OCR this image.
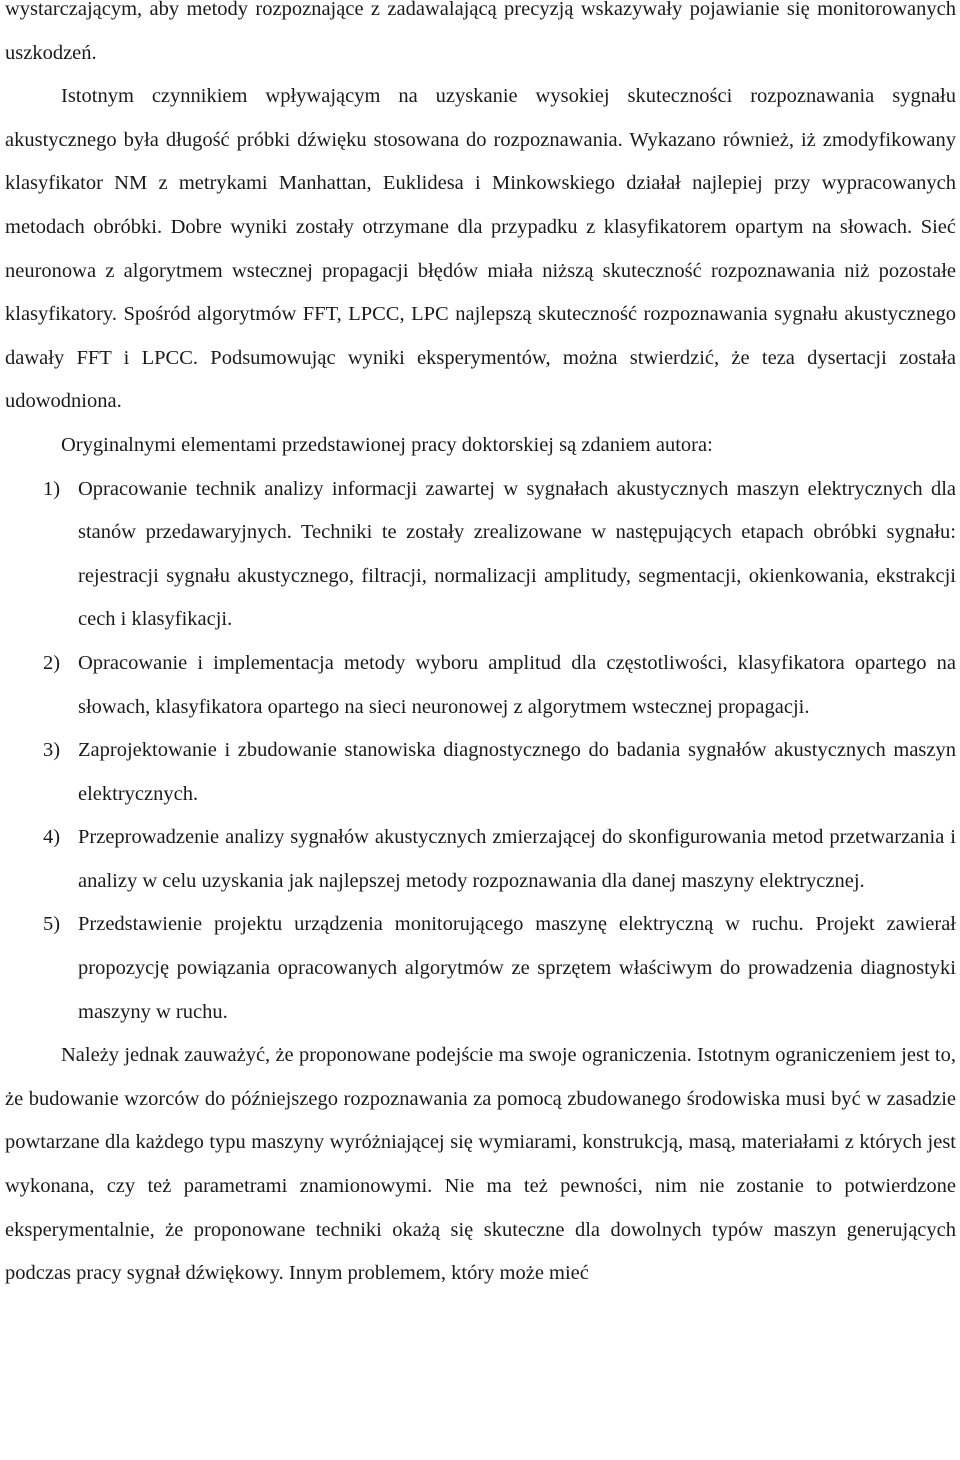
wystarczającym, aby metody rozpoznające z zadawalającą precyzją wskazywały pojawianie się monitorowanych uszkodzeń.

Istotnym czynnikiem wpływającym na uzyskanie wysokiej skuteczności rozpoznawania sygnału akustycznego była długość próbki dźwięku stosowana do rozpoznawania. Wykazano również, iż zmodyfikowany klasyfikator NM z metrykami Manhattan, Euklidesa i Minkowskiego działał najlepiej przy wypracowanych metodach obróbki. Dobre wyniki zostały otrzymane dla przypadku z klasyfikatorem opartym na słowach. Sieć neuronowa z algorytmem wstecznej propagacji błędów miała niższą skuteczność rozpoznawania niż pozostałe klasyfikatory. Spośród algorytmów FFT, LPCC, LPC najlepszą skuteczność rozpoznawania sygnału akustycznego dawały FFT i LPCC. Podsumowując wyniki eksperymentów, można stwierdzić, że teza dysertacji została udowodniona.

Oryginalnymi elementami przedstawionej pracy doktorskiej są zdaniem autora:

1) Opracowanie technik analizy informacji zawartej w sygnałach akustycznych maszyn elektrycznych dla stanów przedawaryjnych. Techniki te zostały zrealizowane w następujących etapach obróbki sygnału: rejestracji sygnału akustycznego, filtracji, normalizacji amplitudy, segmentacji, okienkowania, ekstrakcji cech i klasyfikacji.
2) Opracowanie i implementacja metody wyboru amplitud dla częstotliwości, klasyfikatora opartego na słowach, klasyfikatora opartego na sieci neuronowej z algorytmem wstecznej propagacji.
3) Zaprojektowanie i zbudowanie stanowiska diagnostycznego do badania sygnałów akustycznych maszyn elektrycznych.
4) Przeprowadzenie analizy sygnałów akustycznych zmierzającej do skonfigurowania metod przetwarzania i analizy w celu uzyskania jak najlepszej metody rozpoznawania dla danej maszyny elektrycznej.
5) Przedstawienie projektu urządzenia monitorującego maszynę elektryczną w ruchu. Projekt zawierał propozycję powiązania opracowanych algorytmów ze sprzętem właściwym do prowadzenia diagnostyki maszyny w ruchu.

Należy jednak zauważyć, że proponowane podejście ma swoje ograniczenia. Istotnym ograniczeniem jest to, że budowanie wzorców do późniejszego rozpoznawania za pomocą zbudowanego środowiska musi być w zasadzie powtarzane dla każdego typu maszyny wyróżniającej się wymiarami, konstrukcją, masą, materiałami z których jest wykonana, czy też parametrami znamionowymi. Nie ma też pewności, nim nie zostanie to potwierdzone eksperymentalnie, że proponowane techniki okażą się skuteczne dla dowolnych typów maszyn generujących podczas pracy sygnał dźwiękowy. Innym problemem, który może mieć
